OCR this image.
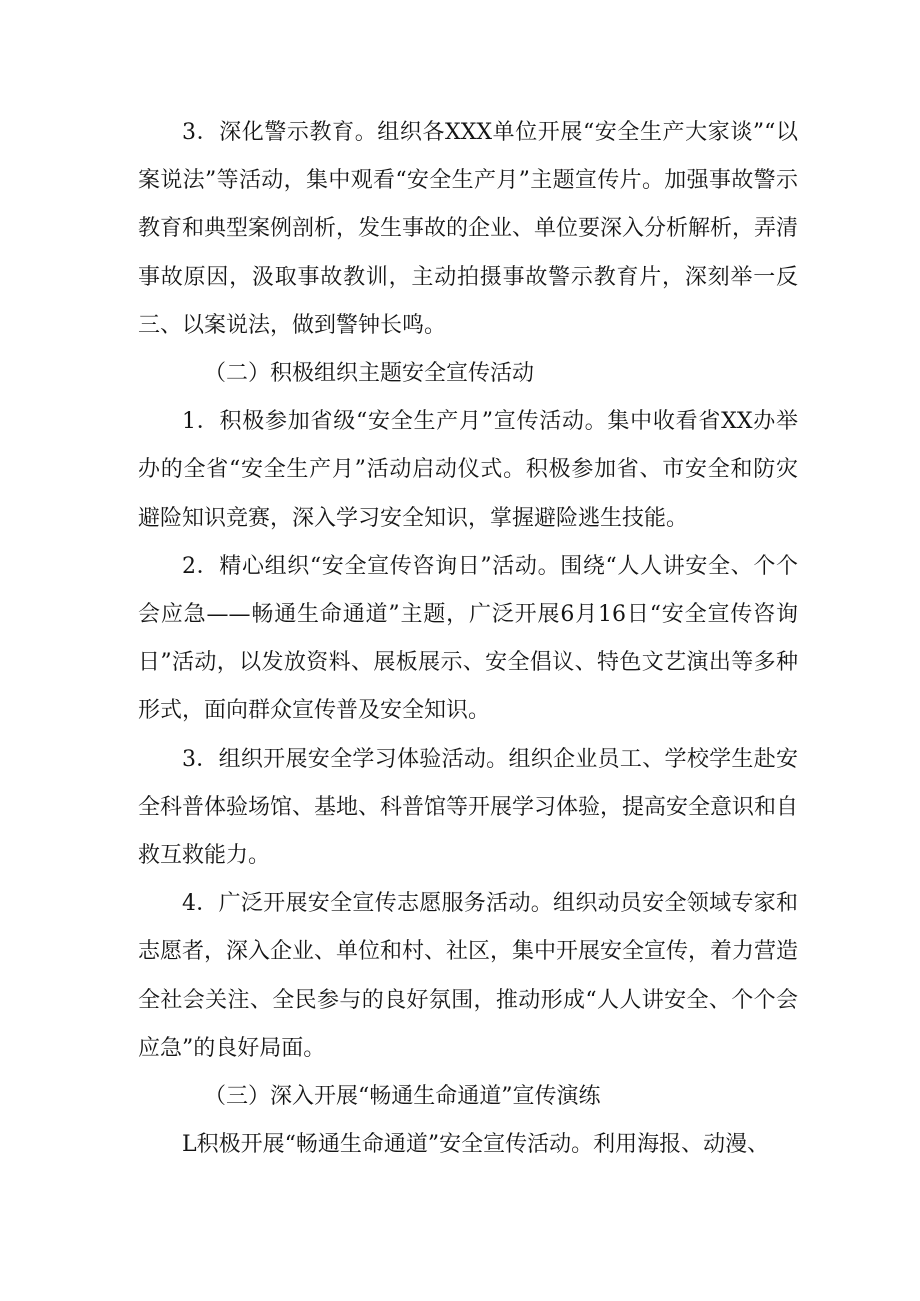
3．深化警示教育。组织各XXX单位开展“安全生产大家谈”“以案说法”等活动，集中观看“安全生产月”主题宣传片。加强事故警示教育和典型案例剖析，发生事故的企业、单位要深入分析解析，弄清事故原因，汲取事故教训，主动拍摄事故警示教育片，深刻举一反三、以案说法，做到警钟长鸣。

（二）积极组织主题安全宣传活动

1．积极参加省级“安全生产月”宣传活动。集中收看省XX办举办的全省“安全生产月”活动启动仪式。积极参加省、市安全和防灾避险知识竞赛，深入学习安全知识，掌握避险逃生技能。

2．精心组织“安全宣传咨询日”活动。围绕“人人讲安全、个个会应急——畅通生命通道”主题，广泛开展6月16日“安全宣传咨询日”活动，以发放资料、展板展示、安全倡议、特色文艺演出等多种形式，面向群众宣传普及安全知识。

3．组织开展安全学习体验活动。组织企业员工、学校学生赴安全科普体验场馆、基地、科普馆等开展学习体验，提高安全意识和自救互救能力。

4．广泛开展安全宣传志愿服务活动。组织动员安全领域专家和志愿者，深入企业、单位和村、社区，集中开展安全宣传，着力营造全社会关注、全民参与的良好氛围，推动形成“人人讲安全、个个会应急”的良好局面。

（三）深入开展“畅通生命通道”宣传演练

L积极开展“畅通生命通道”安全宣传活动。利用海报、动漫、
